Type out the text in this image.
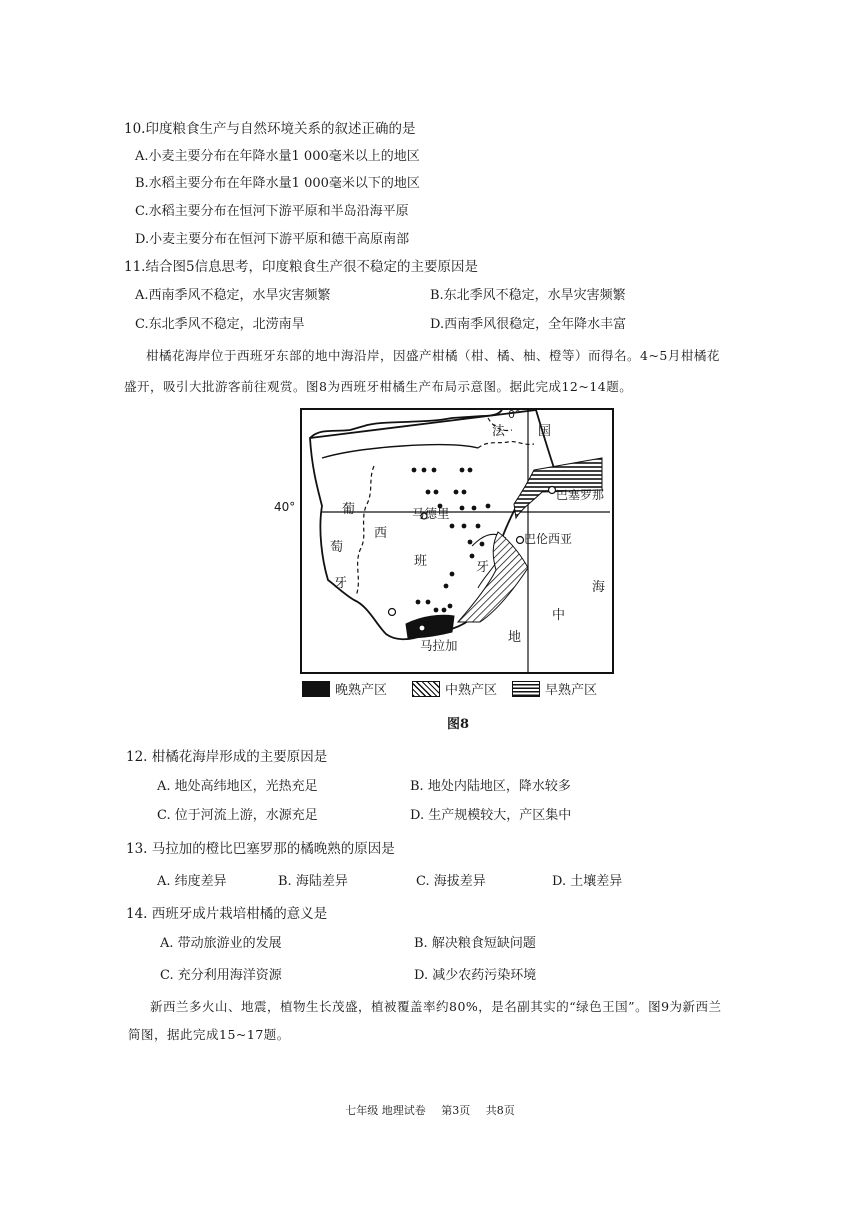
10.印度粮食生产与自然环境关系的叙述正确的是
A.小麦主要分布在年降水量1 000毫米以上的地区
B.水稻主要分布在年降水量1 000毫米以下的地区
C.水稻主要分布在恒河下游平原和半岛沿海平原
D.小麦主要分布在恒河下游平原和德干高原南部
11.结合图5信息思考，印度粮食生产很不稳定的主要原因是
A.西南季风不稳定，水旱灾害频繁	B.东北季风不稳定，水旱灾害频繁
C.东北季风不稳定，北涝南旱	D.西南季风很稳定，全年降水丰富
柑橘花海岸位于西班牙东部的地中海沿岸，因盛产柑橘（柑、橘、柚、橙等）而得名。4~5月柑橘花
盛开，吸引大批游客前往观赏。图8为西班牙柑橘生产布局示意图。据此完成12~14题。
0°
法	国
葡
萄
牙
西
班	牙
地
中
海
马德里
巴塞罗那
巴伦西亚
马拉加
40°
晚熟产区	中熟产区	早熟产区
图8
12. 柑橘花海岸形成的主要原因是
A. 地处高纬地区，光热充足	B. 地处内陆地区，降水较多
C. 位于河流上游，水源充足	D. 生产规模较大，产区集中
13. 马拉加的橙比巴塞罗那的橘晚熟的原因是
A. 纬度差异	B. 海陆差异	C. 海拔差异	D. 土壤差异
14. 西班牙成片栽培柑橘的意义是
A. 带动旅游业的发展	B. 解决粮食短缺问题
C. 充分利用海洋资源	D. 减少农药污染环境
新西兰多火山、地震，植物生长茂盛，植被覆盖率约80%，是名副其实的“绿色王国”。图9为新西兰
简图，据此完成15~17题。
七年级 地理试卷 第3页 共8页
